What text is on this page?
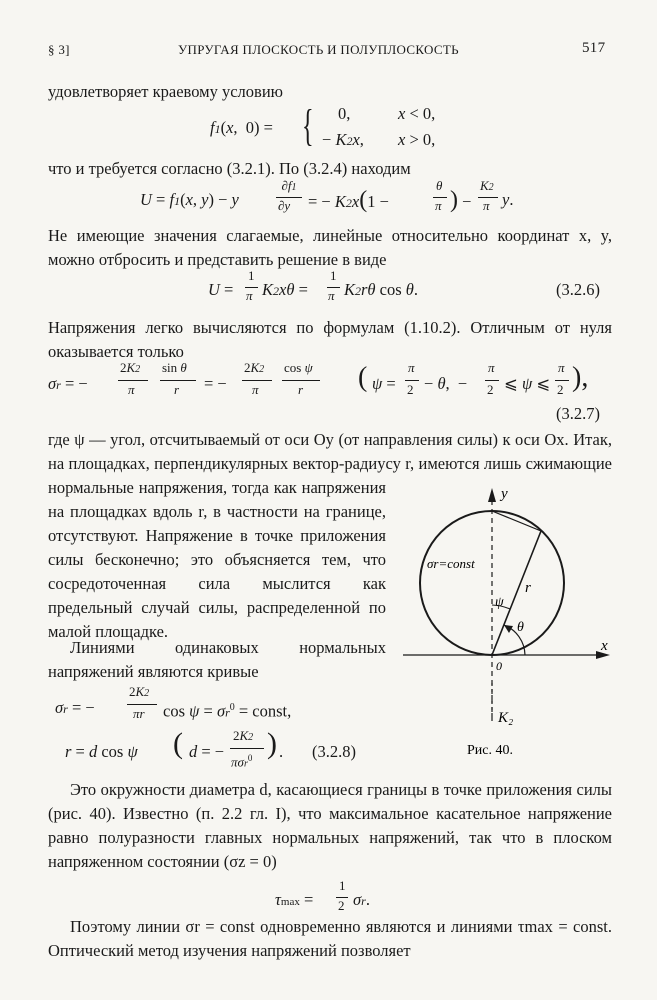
§ 3]	УПРУГАЯ ПЛОСКОСТЬ И ПОЛУПЛОСКОСТЬ	517
удовлетворяет краевому условию
f1(x,  0) = { 0,	x < 0,
− K2x, x > 0,
что и требуется согласно (3.2.1). По (3.2.4) находим
U = f1(x, y) − y
∂f1
∂y = − K2x(1 −
θ
π ) −
K2
π y.
Не имеющие значения слагаемые, линейные относительно координат x, y, можно отбросить и представить решение в виде
U =
1
π K2xθ =
1
π K2rθ cos θ.	(3.2.6)
Напряжения легко вычисляются по формулам (1.10.2). Отличным от нуля оказывается только
σr = −
2K2
π
sin θ
r = −
2K2
π
cos ψ
r ( ψ =
π
2 − θ,  −
π
2 ⩽ ψ ⩽
π
2 ),
(3.2.7)
где ψ — угол, отсчитываемый от оси Oy (от направления силы) к оси Ox. Итак, на площадках, перпендикулярных вектор-радиусу r, имеются лишь сжимающие
нормальные напряжения, тогда как напряжения на площадках вдоль r, в частности на границе, отсутствуют. Напряжение в точке приложения силы бесконечно; это объясняется тем, что сосредоточенная сила мыслится как предельный случай силы, распределенной по малой площадке.
Линиями одинаковых нормальных напряжений являются кривые
σr = −
2K2
πr $\cos \psi = \sigma r^0$ = const,
r = d cos ψ ( d = −
2K2
πσr$^0$ ) . (3.2.8)
y
x
0
K₂
σr=const
r
ψ
θ
Рис. 40.
Это окружности диаметра d, касающиеся границы в точке приложения силы (рис. 40). Известно (п. 2.2 гл. I), что максимальное касательное напряжение равно полуразности главных нормальных напряжений, так что в плоском напряженном состоянии (σz = 0)
τmax =
1
2 σr.
Поэтому линии σr = const одновременно являются и линиями τmax = const. Оптический метод изучения напряжений позволяет
